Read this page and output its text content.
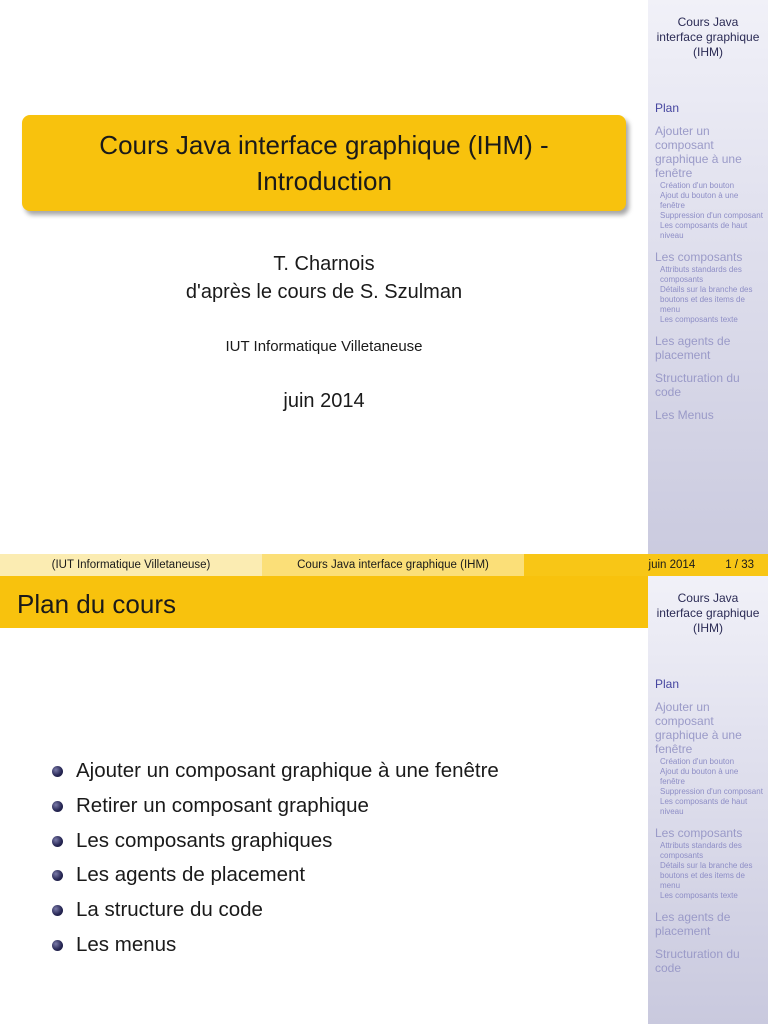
Cours Java interface graphique (IHM) -
Introduction
T. Charnois
d'après le cours de S. Szulman
IUT Informatique Villetaneuse
juin 2014
Cours Java interface graphique (IHM)
Plan
Ajouter un composant graphique à une fenêtre
Création d'un bouton
Ajout du bouton à une fenêtre
Suppression d'un composant
Les composants de haut niveau
Les composants
Attributs standards des composants
Détails sur la branche des boutons et des items de menu
Les composants texte
Les agents de placement
Structuration du code
Les Menus
(IUT Informatique Villetaneuse)	Cours Java interface graphique (IHM)	juin 2014	1 / 33
Plan du cours
Ajouter un composant graphique à une fenêtre
Retirer un composant graphique
Les composants graphiques
Les agents de placement
La structure du code
Les menus
Cours Java interface graphique (IHM)
Plan
Ajouter un composant graphique à une fenêtre
Création d'un bouton
Ajout du bouton à une fenêtre
Suppression d'un composant
Les composants de haut niveau
Les composants
Attributs standards des composants
Détails sur la branche des boutons et des items de menu
Les composants texte
Les agents de placement
Structuration du code
